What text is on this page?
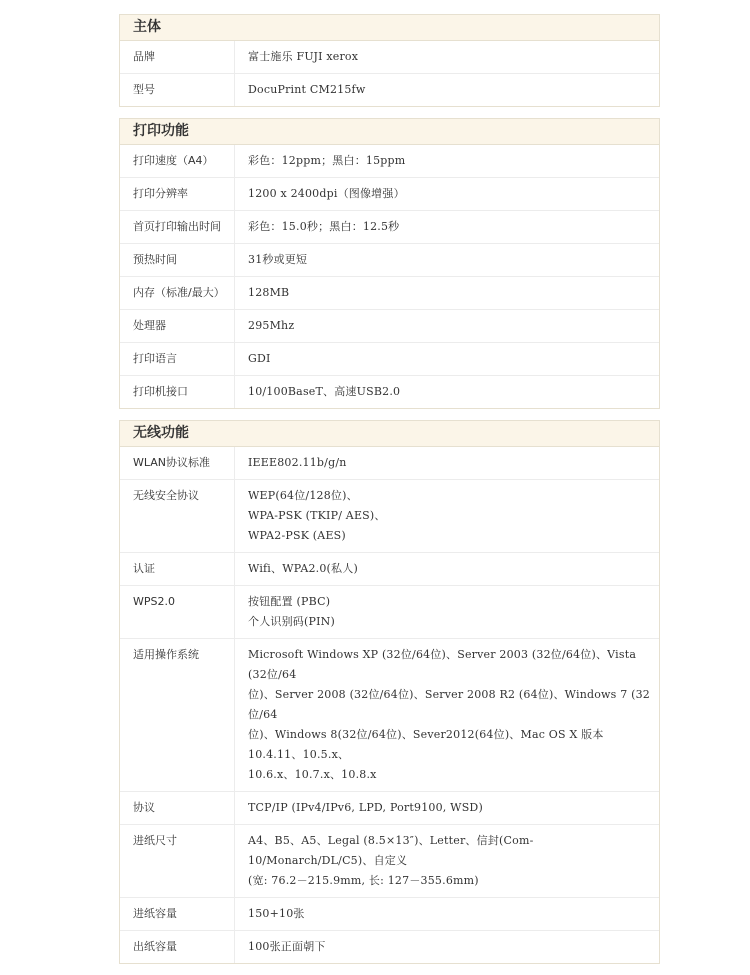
主体
品牌	富士施乐 FUJI xerox
型号	DocuPrint CM215fw
打印功能
打印速度（A4）	彩色：12ppm；黑白：15ppm
打印分辨率	1200 x 2400dpi（图像增强）
首页打印输出时间	彩色：15.0秒；黑白：12.5秒
预热时间	31秒或更短
内存（标准/最大）	128MB
处理器	295Mhz
打印语言	GDI
打印机接口	10/100BaseT、高速USB2.0
无线功能
WLAN协议标准	IEEE802.11b/g/n
无线安全协议	WEP(64位/128位)、
WPA-PSK (TKIP/ AES)、
WPA2-PSK (AES)
认证	Wifi、WPA2.0(私人)
WPS2.0	按钮配置 (PBC)
个人识别码(PIN)
适用操作系统	Microsoft Windows XP (32位/64位)、Server 2003 (32位/64位)、Vista (32位/64
位)、Server 2008 (32位/64位)、Server 2008 R2 (64位)、Windows 7 (32位/64
位)、Windows 8(32位/64位)、Sever2012(64位)、Mac OS X 版本10.4.11、10.5.x、
10.6.x、10.7.x、10.8.x
协议	TCP/IP (IPv4/IPv6, LPD, Port9100, WSD)
进纸尺寸	A4、B5、A5、Legal (8.5×13″)、Letter、信封(Com-10/Monarch/DL/C5)、自定义
(宽: 76.2－215.9mm, 长: 127－355.6mm)
进纸容量	150+10张
出纸容量	100张正面朝下
